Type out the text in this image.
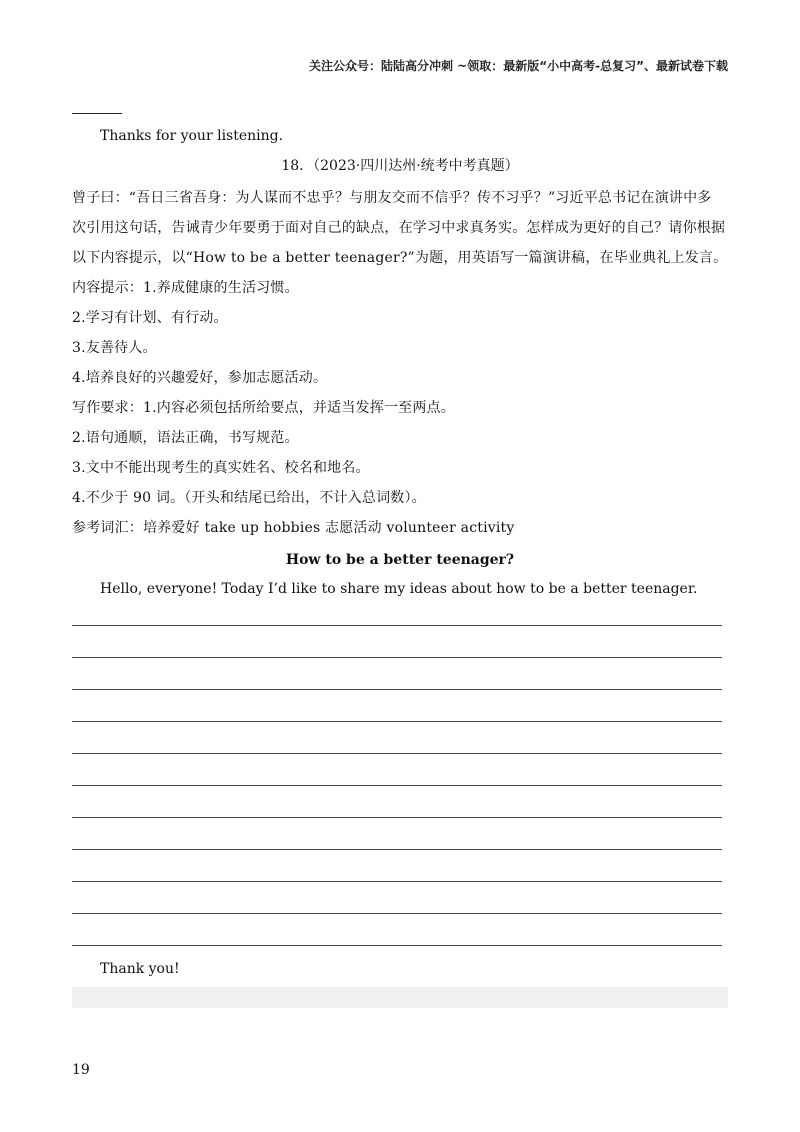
关注公众号：陆陆高分冲刺 ~领取：最新版“小中高考-总复习”、最新试卷下载
Thanks for your listening.
18．（2023·四川达州·统考中考真题）
曾子曰：“吾日三省吾身：为人谋而不忠乎？与朋友交而不信乎？传不习乎？”习近平总书记在演讲中多
次引用这句话，告诫青少年要勇于面对自己的缺点，在学习中求真务实。怎样成为更好的自己？请你根据
以下内容提示，以“How to be a better teenager?”为题，用英语写一篇演讲稿，在毕业典礼上发言。
内容提示：1.养成健康的生活习惯。
2.学习有计划、有行动。
3.友善待人。
4.培养良好的兴趣爱好，参加志愿活动。
写作要求：1.内容必须包括所给要点，并适当发挥一至两点。
2.语句通顺，语法正确，书写规范。
3.文中不能出现考生的真实姓名、校名和地名。
4.不少于 90 词。（开头和结尾已给出，不计入总词数）。
参考词汇：培养爱好 take up hobbies 志愿活动 volunteer activity
How to be a better teenager?
Hello, everyone! Today I’d like to share my ideas about how to be a better teenager.
Thank you!
19
